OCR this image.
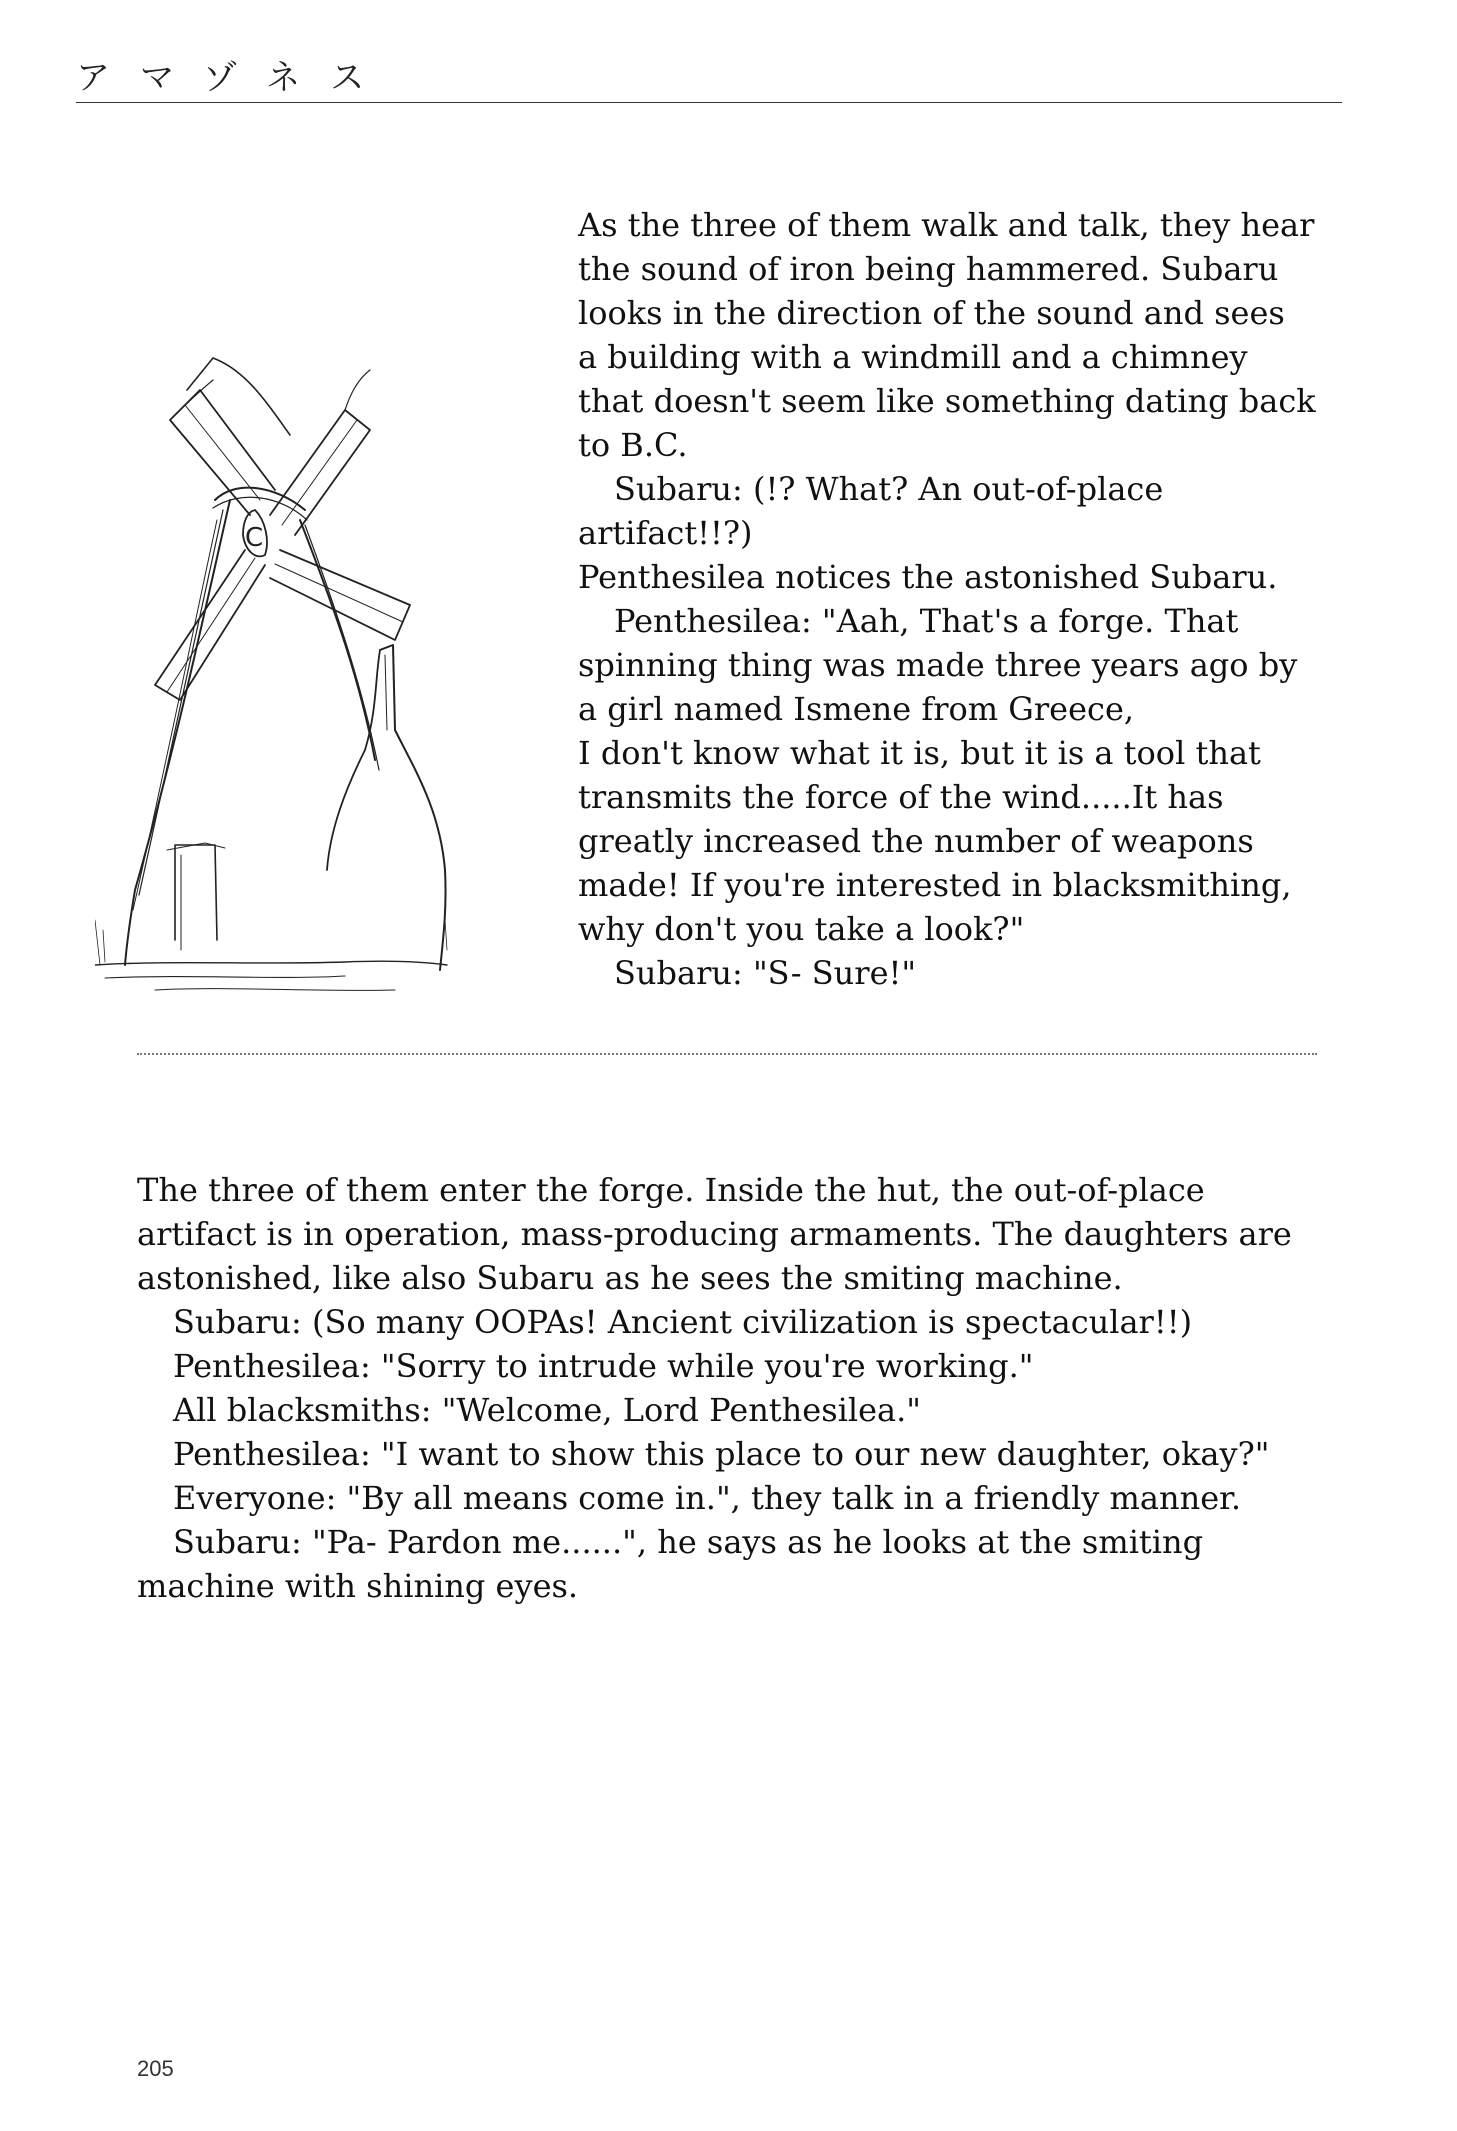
アマゾネス
C
As the three of them walk and talk, they hear
the sound of iron being hammered. Subaru
looks in the direction of the sound and sees
a building with a windmill and a chimney
that doesn't seem like something dating back
to B.C.
Subaru: (!? What? An out-of-place
artifact!!?)
Penthesilea notices the astonished Subaru.
Penthesilea: "Aah, That's a forge. That
spinning thing was made three years ago by
a girl named Ismene from Greece,
I don't know what it is, but it is a tool that
transmits the force of the wind.....It has
greatly increased the number of weapons
made! If you're interested in blacksmithing,
why don't you take a look?"
Subaru: "S- Sure!"
The three of them enter the forge. Inside the hut, the out-of-place
artifact is in operation, mass-producing armaments. The daughters are
astonished, like also Subaru as he sees the smiting machine.
Subaru: (So many OOPAs! Ancient civilization is spectacular!!)
Penthesilea: "Sorry to intrude while you're working."
All blacksmiths: "Welcome, Lord Penthesilea."
Penthesilea: "I want to show this place to our new daughter, okay?"
Everyone: "By all means come in.", they talk in a friendly manner.
Subaru: "Pa- Pardon me......", he says as he looks at the smiting
machine with shining eyes.
205
